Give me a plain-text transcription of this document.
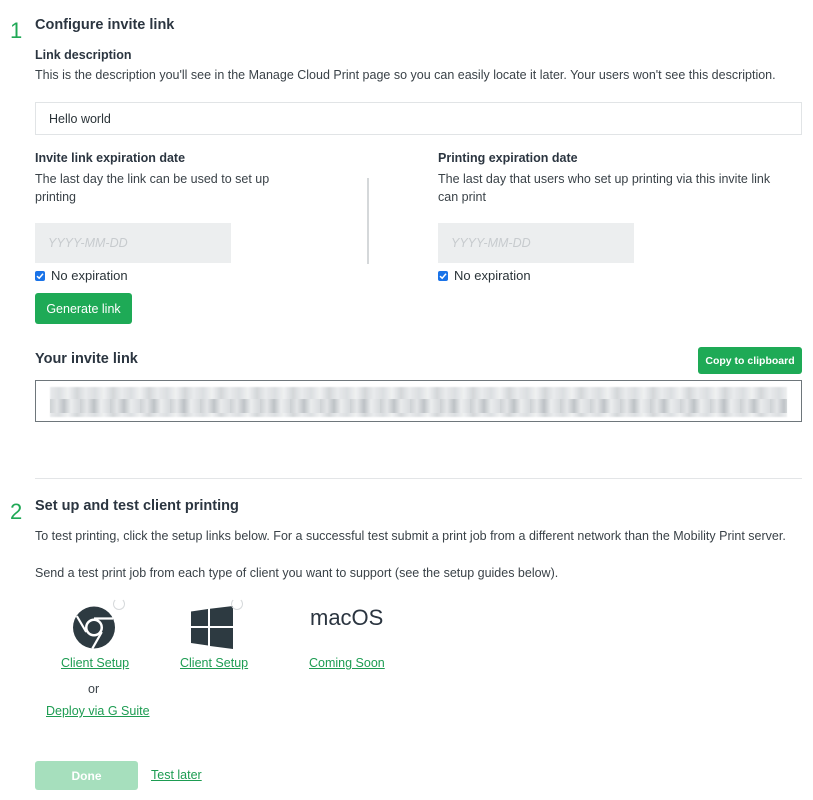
1 Configure invite link
Link description
This is the description you'll see in the Manage Cloud Print page so you can easily locate it later. Your users won't see this description.
Hello world
Invite link expiration date
The last day the link can be used to set up printing
YYYY-MM-DD
No expiration
Printing expiration date
The last day that users who set up printing via this invite link can print
YYYY-MM-DD
No expiration
Generate link
Your invite link	Copy to clipboard
2 Set up and test client printing
To test printing, click the setup links below. For a successful test submit a print job from a different network than the Mobility Print server.
Send a test print job from each type of client you want to support (see the setup guides below).
Client Setup
or
Deploy via G Suite
Client Setup
macOS
Coming Soon
Done	Test later
